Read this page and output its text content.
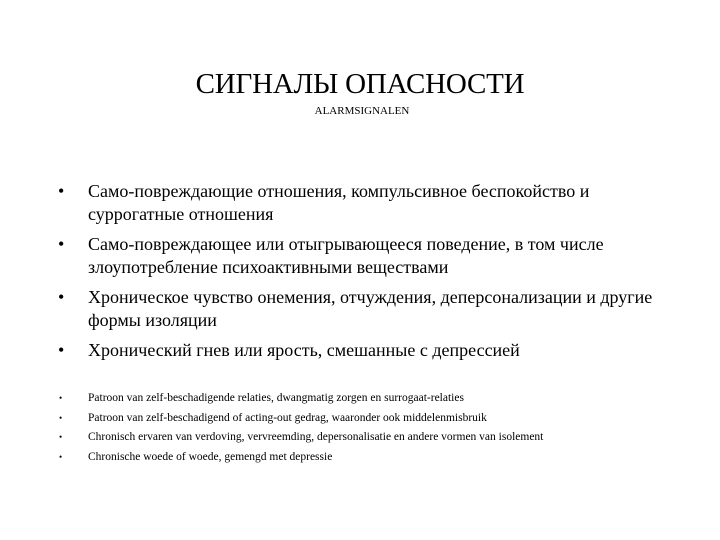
СИГНАЛЫ ОПАСНОСТИ
ALARMSIGNALEN
• Само-повреждающие отношения, компульсивное беспокойство и суррогатные отношения
• Само-повреждающее или отыгрывающееся поведение, в том числе злоупотребление психоактивными веществами
• Хроническое чувство онемения, отчуждения, деперсонализации и другие формы изоляции
• Хронический гнев или ярость, смешанные с депрессией
• Patroon van zelf-beschadigende relaties, dwangmatig zorgen en surrogaat-relaties
• Patroon van zelf-beschadigend of acting-out gedrag, waaronder ook middelenmisbruik
• Chronisch ervaren van verdoving, vervreemding, depersonalisatie en andere vormen van isolement
• Chronische woede of woede, gemengd met depressie
